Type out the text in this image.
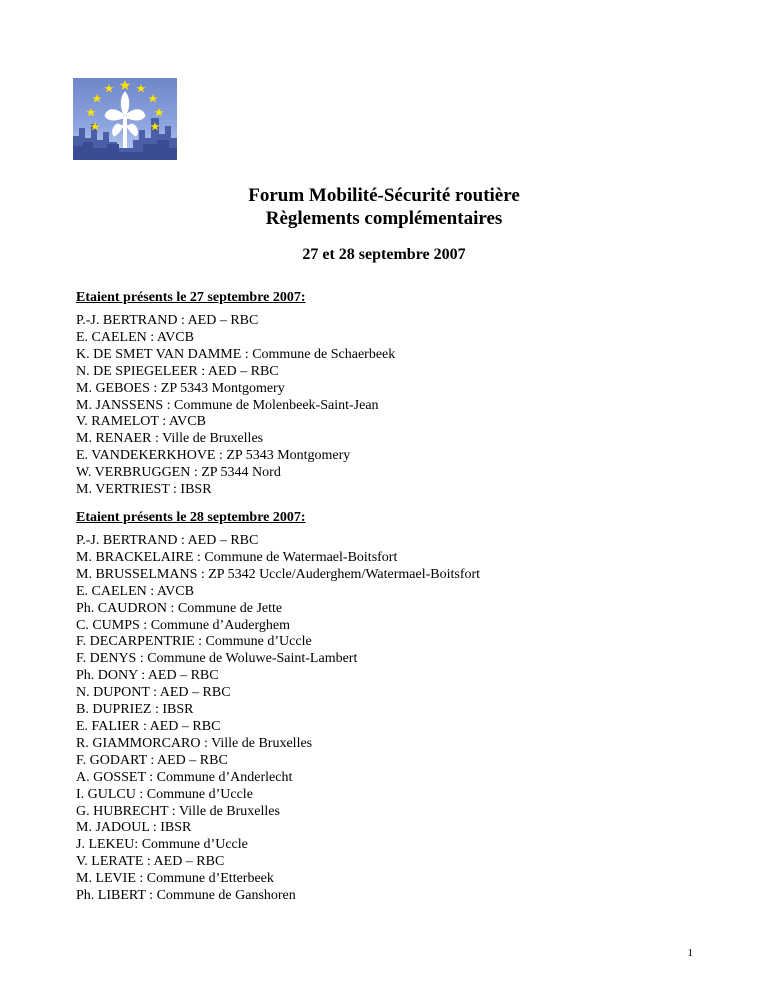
Forum Mobilité-Sécurité routière
Règlements complémentaires
27 et 28 septembre 2007
Etaient présents le 27 septembre 2007:
P.-J. BERTRAND : AED – RBC
E. CAELEN : AVCB
K. DE SMET VAN DAMME : Commune de Schaerbeek
N. DE SPIEGELEER : AED – RBC
M. GEBOES : ZP 5343 Montgomery
M. JANSSENS : Commune de Molenbeek-Saint-Jean
V. RAMELOT : AVCB
M. RENAER : Ville de Bruxelles
E. VANDEKERKHOVE : ZP 5343 Montgomery
W. VERBRUGGEN : ZP 5344 Nord
M. VERTRIEST : IBSR
Etaient présents le 28 septembre 2007:
P.-J. BERTRAND : AED – RBC
M. BRACKELAIRE : Commune de Watermael-Boitsfort
M. BRUSSELMANS : ZP 5342 Uccle/Auderghem/Watermael-Boitsfort
E. CAELEN : AVCB
Ph. CAUDRON : Commune de Jette
C. CUMPS : Commune d’Auderghem
F. DECARPENTRIE : Commune d’Uccle
F. DENYS : Commune de Woluwe-Saint-Lambert
Ph. DONY : AED – RBC
N. DUPONT : AED – RBC
B. DUPRIEZ : IBSR
E. FALIER : AED – RBC
R. GIAMMORCARO : Ville de Bruxelles
F. GODART : AED – RBC
A. GOSSET : Commune d’Anderlecht
I. GULCU : Commune d’Uccle
G. HUBRECHT : Ville de Bruxelles
M. JADOUL : IBSR
J. LEKEU: Commune d’Uccle
V. LERATE : AED – RBC
M. LEVIE : Commune d’Etterbeek
Ph. LIBERT : Commune de Ganshoren
1
